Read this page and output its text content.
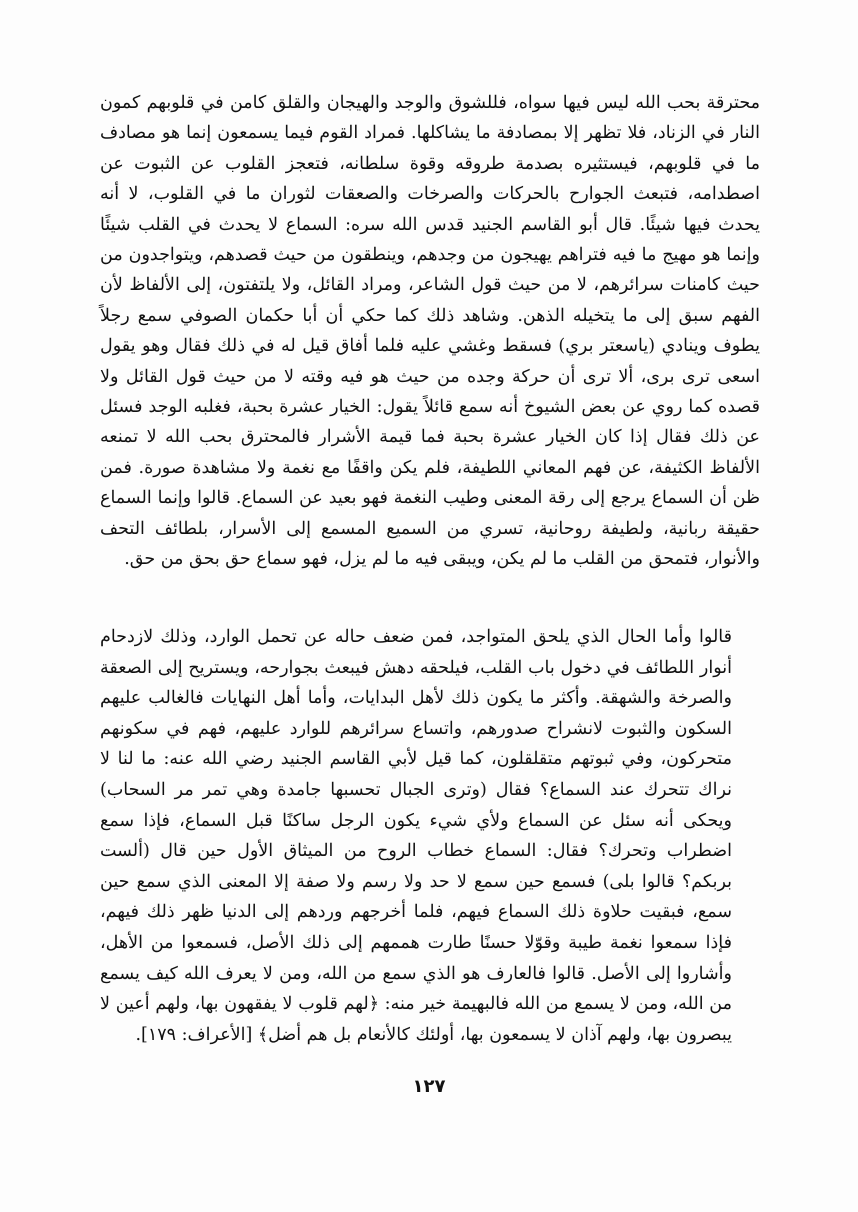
محترقة بحب الله ليس فيها سواه، فللشوق والوجد والهيجان والقلق كامن في قلوبهم كمون النار في الزناد، فلا تظهر إلا بمصادفة ما يشاكلها. فمراد القوم فيما يسمعون إنما هو مصادف ما في قلوبهم، فيستثيره بصدمة طروقه وقوة سلطانه، فتعجز القلوب عن الثبوت عن اصطدامه، فتبعث الجوارح بالحركات والصرخات والصعقات لثوران ما في القلوب، لا أنه يحدث فيها شيئًا. قال أبو القاسم الجنيد قدس الله سره: السماع لا يحدث في القلب شيئًا وإنما هو مهيج ما فيه فتراهم يهيجون من وجدهم، وينطقون من حيث قصدهم، ويتواجدون من حيث كامنات سرائرهم، لا من حيث قول الشاعر، ومراد القائل، ولا يلتفتون، إلى الألفاظ لأن الفهم سبق إلى ما يتخيله الذهن. وشاهد ذلك كما حكي أن أبا حكمان الصوفي سمع رجلاً يطوف وينادي (ياسعتر بري) فسقط وغشي عليه فلما أفاق قيل له في ذلك فقال وهو يقول اسعى ترى برى، ألا ترى أن حركة وجده من حيث هو فيه وقته لا من حيث قول القائل ولا قصده كما روي عن بعض الشيوخ أنه سمع قائلاً يقول: الخيار عشرة بحبة، فغلبه الوجد فسئل عن ذلك فقال إذا كان الخيار عشرة بحبة فما قيمة الأشرار فالمحترق بحب الله لا تمنعه الألفاظ الكثيفة، عن فهم المعاني اللطيفة، فلم يكن واقفًا مع نغمة ولا مشاهدة صورة. فمن ظن أن السماع يرجع إلى رقة المعنى وطيب النغمة فهو بعيد عن السماع. قالوا وإنما السماع حقيقة ربانية، ولطيفة روحانية، تسري من السميع المسمع إلى الأسرار، بلطائف التحف والأنوار، فتمحق من القلب ما لم يكن، ويبقى فيه ما لم يزل، فهو سماع حق بحق من حق.

قالوا وأما الحال الذي يلحق المتواجد، فمن ضعف حاله عن تحمل الوارد، وذلك لازدحام أنوار اللطائف في دخول باب القلب، فيلحقه دهش فيبعث بجوارحه، ويستريح إلى الصعقة والصرخة والشهقة. وأكثر ما يكون ذلك لأهل البدايات، وأما أهل النهايات فالغالب عليهم السكون والثبوت لانشراح صدورهم، واتساع سرائرهم للوارد عليهم، فهم في سكونهم متحركون، وفي ثبوتهم متقلقلون، كما قيل لأبي القاسم الجنيد رضي الله عنه: ما لنا لا نراك تتحرك عند السماع؟ فقال (وترى الجبال تحسبها جامدة وهي تمر مر السحاب) ويحكى أنه سئل عن السماع ولأي شيء يكون الرجل ساكنًا قبل السماع، فإذا سمع اضطراب وتحرك؟ فقال: السماع خطاب الروح من الميثاق الأول حين قال (ألست بربكم؟ قالوا بلى) فسمع حين سمع لا حد ولا رسم ولا صفة إلا المعنى الذي سمع حين سمع، فبقيت حلاوة ذلك السماع فيهم، فلما أخرجهم وردهم إلى الدنيا ظهر ذلك فيهم، فإذا سمعوا نغمة طيبة وقوّلا حسنًا طارت هممهم إلى ذلك الأصل، فسمعوا من الأهل، وأشاروا إلى الأصل. قالوا فالعارف هو الذي سمع من الله، ومن لا يعرف الله كيف يسمع من الله، ومن لا يسمع من الله فالبهيمة خير منه: ﴿لهم قلوب لا يفقهون بها، ولهم أعين لا يبصرون بها، ولهم آذان لا يسمعون بها، أولئك كالأنعام بل هم أضل﴾ [الأعراف: ١٧٩].

١٢٧
